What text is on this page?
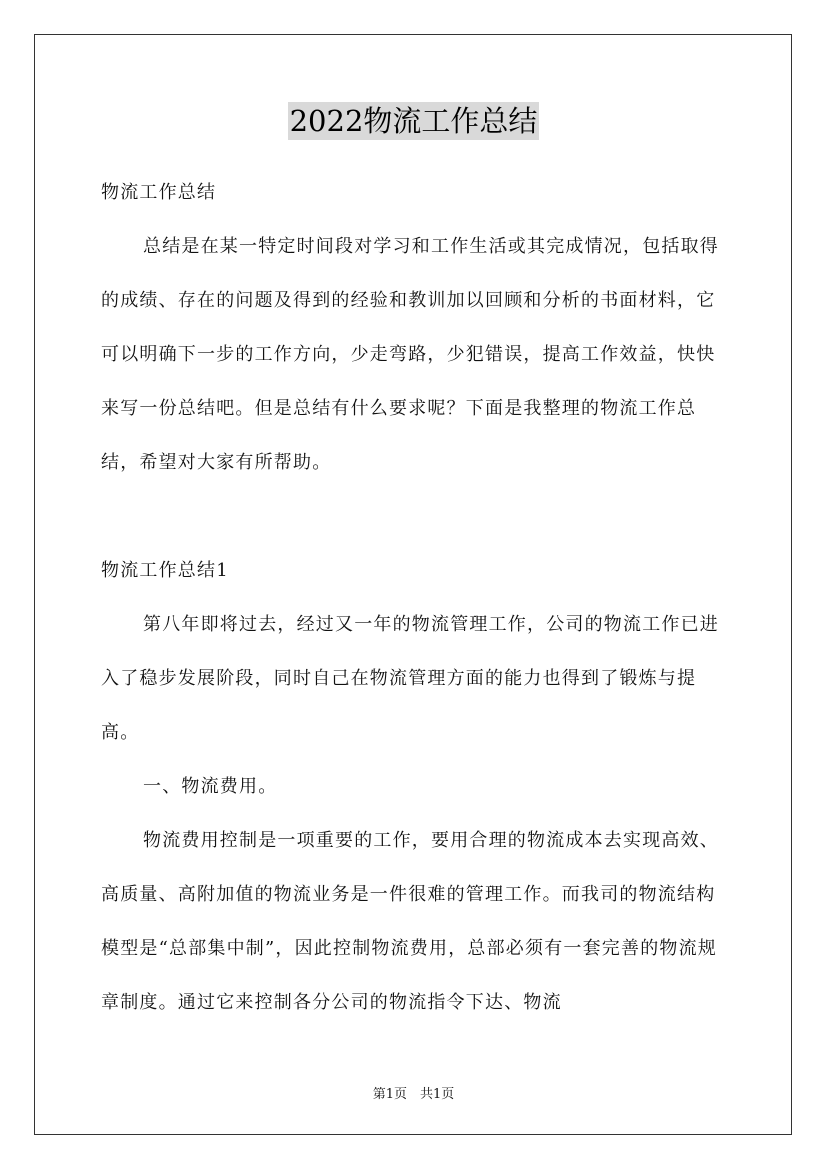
2022物流工作总结

物流工作总结

总结是在某一特定时间段对学习和工作生活或其完成情况，包括取得的成绩、存在的问题及得到的经验和教训加以回顾和分析的书面材料，它可以明确下一步的工作方向，少走弯路，少犯错误，提高工作效益，快快来写一份总结吧。但是总结有什么要求呢？下面是我整理的物流工作总结，希望对大家有所帮助。

物流工作总结1

第八年即将过去，经过又一年的物流管理工作，公司的物流工作已进入了稳步发展阶段，同时自己在物流管理方面的能力也得到了锻炼与提高。

一、物流费用。

物流费用控制是一项重要的工作，要用合理的物流成本去实现高效、高质量、高附加值的物流业务是一件很难的管理工作。而我司的物流结构模型是“总部集中制”，因此控制物流费用，总部必须有一套完善的物流规章制度。通过它来控制各分公司的物流指令下达、物流

第1页　共1页
